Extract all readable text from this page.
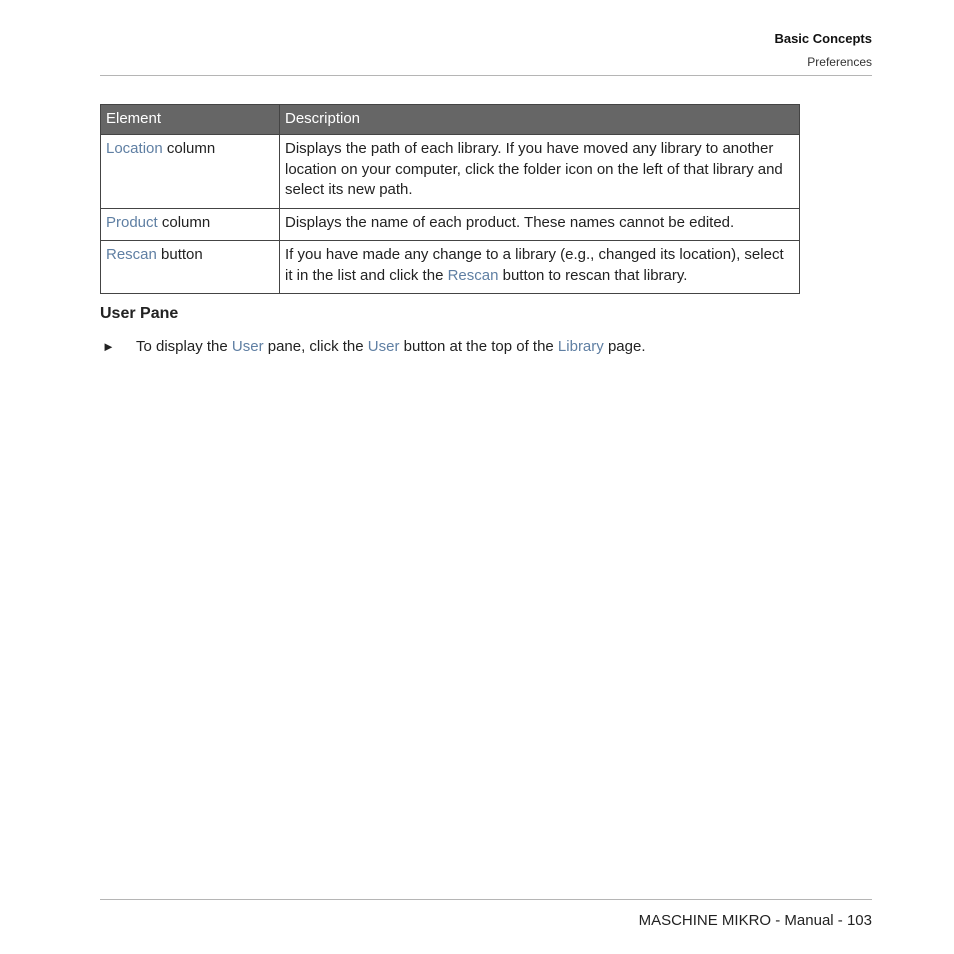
Basic Concepts
Preferences
Element	Description
Location column	Displays the path of each library. If you have moved any library to another location on your computer, click the folder icon on the left of that library and select its new path.
Product column	Displays the name of each product. These names cannot be edited.
Rescan button	If you have made any change to a library (e.g., changed its location), select it in the list and click the Rescan button to rescan that library.
User Pane
► To display the User pane, click the User button at the top of the Library page.
MASCHINE MIKRO - Manual - 103
